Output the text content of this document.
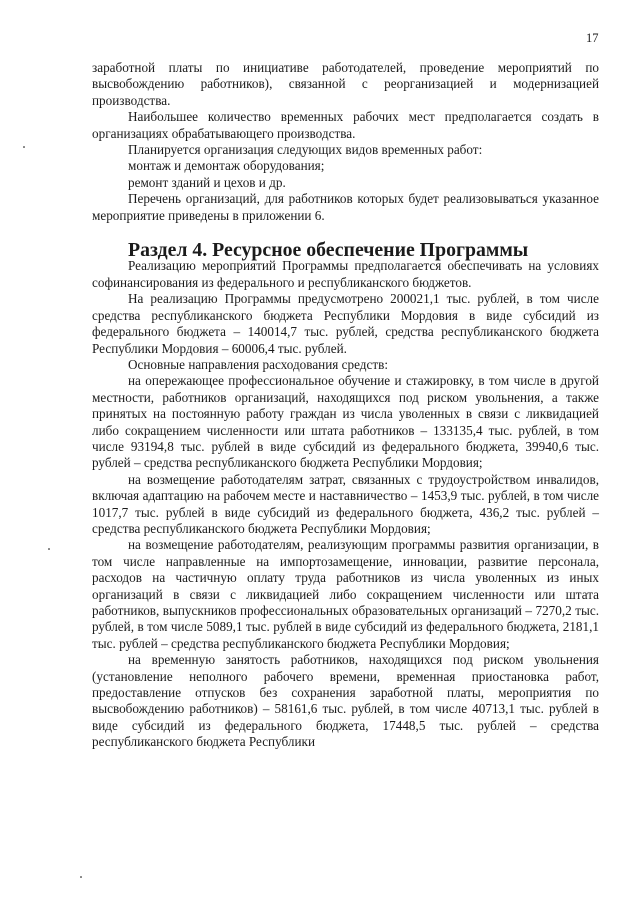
17

заработной платы по инициативе работодателей, проведение мероприятий по высвобождению работников), связанной с реорганизацией и модернизацией производства.

Наибольшее количество временных рабочих мест предполагается создать в организациях обрабатывающего производства.

Планируется организация следующих видов временных работ:

монтаж и демонтаж оборудования;

ремонт зданий и цехов и др.

Перечень организаций, для работников которых будет реализовываться указанное мероприятие приведены в приложении 6.

Раздел 4. Ресурсное обеспечение Программы

Реализацию мероприятий Программы предполагается обеспечивать на условиях софинансирования из федерального и республиканского бюджетов.

На реализацию Программы предусмотрено 200021,1 тыс. рублей, в том числе средства республиканского бюджета Республики Мордовия в виде субсидий из федерального бюджета – 140014,7 тыс. рублей, средства республиканского бюджета Республики Мордовия – 60006,4 тыс. рублей.

Основные направления расходования средств:

на опережающее профессиональное обучение и стажировку, в том числе в другой местности, работников организаций, находящихся под риском увольнения, а также принятых на постоянную работу граждан из числа уволенных в связи с ликвидацией либо сокращением численности или штата работников – 133135,4 тыс. рублей, в том числе 93194,8 тыс. рублей в виде субсидий из федерального бюджета, 39940,6 тыс. рублей – средства республиканского бюджета Республики Мордовия;

на возмещение работодателям затрат, связанных с трудоустройством инвалидов, включая адаптацию на рабочем месте и наставничество – 1453,9 тыс. рублей, в том числе 1017,7 тыс. рублей в виде субсидий из федерального бюджета, 436,2 тыс. рублей – средства республиканского бюджета Республики Мордовия;

на возмещение работодателям, реализующим программы развития организации, в том числе направленные на импортозамещение, инновации, развитие персонала, расходов на частичную оплату труда работников из числа уволенных из иных организаций в связи с ликвидацией либо сокращением численности или штата работников, выпускников профессиональных образовательных организаций – 7270,2 тыс. рублей, в том числе 5089,1 тыс. рублей в виде субсидий из федерального бюджета, 2181,1 тыс. рублей – средства республиканского бюджета Республики Мордовия;

на временную занятость работников, находящихся под риском увольнения (установление неполного рабочего времени, временная приостановка работ, предоставление отпусков без сохранения заработной платы, мероприятия по высвобождению работников) – 58161,6 тыс. рублей, в том числе 40713,1 тыс. рублей в виде субсидий из федерального бюджета, 17448,5 тыс. рублей – средства республиканского бюджета Республики
